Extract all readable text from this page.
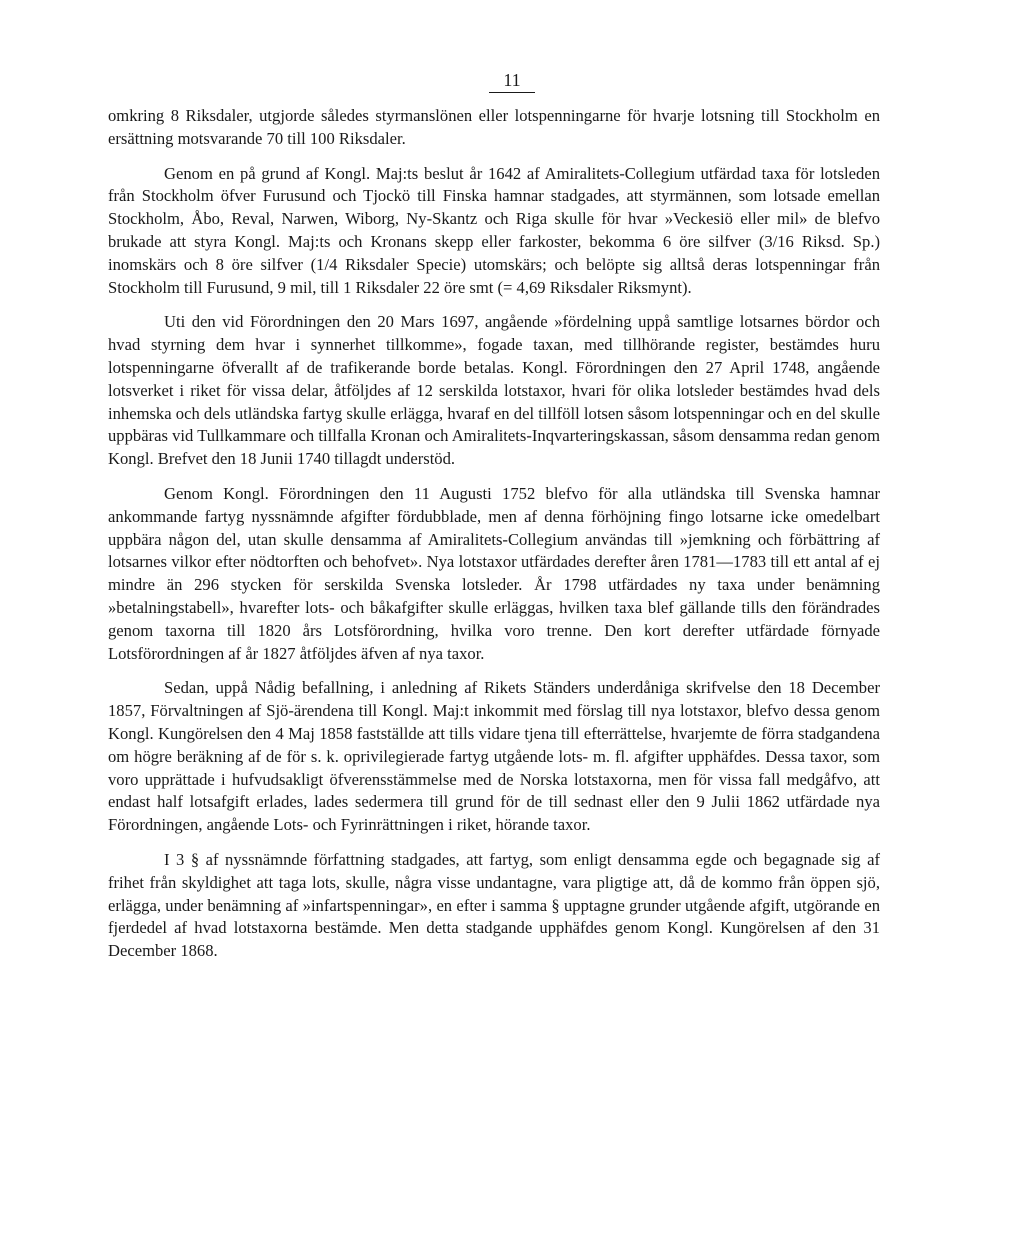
11

omkring 8 Riksdaler, utgjorde således styrmanslönen eller lotspenningarne för hvarje lotsning till Stockholm en ersättning motsvarande 70 till 100 Riksdaler.

Genom en på grund af Kongl. Maj:ts beslut år 1642 af Amiralitets-Collegium utfärdad taxa för lotsleden från Stockholm öfver Furusund och Tjockö till Finska hamnar stadgades, att styrmännen, som lotsade emellan Stockholm, Åbo, Reval, Narwen, Wiborg, Ny-Skantz och Riga skulle för hvar »Veckesiö eller mil» de blefvo brukade att styra Kongl. Maj:ts och Kronans skepp eller farkoster, bekomma 6 öre silfver (3/16 Riksd. Sp.) inomskärs och 8 öre silfver (1/4 Riksdaler Specie) utomskärs; och belöpte sig alltså deras lotspenningar från Stockholm till Furusund, 9 mil, till 1 Riksdaler 22 öre smt (= 4,69 Riksdaler Riksmynt).

Uti den vid Förordningen den 20 Mars 1697, angående »fördelning uppå samtlige lotsarnes bördor och hvad styrning dem hvar i synnerhet tillkomme», fogade taxan, med tillhörande register, bestämdes huru lotspenningarne öfverallt af de trafikerande borde betalas. Kongl. Förordningen den 27 April 1748, angående lotsverket i riket för vissa delar, åtföljdes af 12 serskilda lotstaxor, hvari för olika lotsleder bestämdes hvad dels inhemska och dels utländska fartyg skulle erlägga, hvaraf en del tillföll lotsen såsom lotspenningar och en del skulle uppbäras vid Tullkammare och tillfalla Kronan och Amiralitets-Inqvarteringskassan, såsom densamma redan genom Kongl. Brefvet den 18 Junii 1740 tillagdt understöd.

Genom Kongl. Förordningen den 11 Augusti 1752 blefvo för alla utländska till Svenska hamnar ankommande fartyg nyssnämnde afgifter fördubblade, men af denna förhöjning fingo lotsarne icke omedelbart uppbära någon del, utan skulle densamma af Amiralitets-Collegium användas till »jemkning och förbättring af lotsarnes vilkor efter nödtorften och behofvet». Nya lotstaxor utfärdades derefter åren 1781—1783 till ett antal af ej mindre än 296 stycken för serskilda Svenska lotsleder. År 1798 utfärdades ny taxa under benämning »betalningstabell», hvarefter lots- och båkafgifter skulle erläggas, hvilken taxa blef gällande tills den förändrades genom taxorna till 1820 års Lotsförordning, hvilka voro trenne. Den kort derefter utfärdade förnyade Lotsförordningen af år 1827 åtföljdes äfven af nya taxor.

Sedan, uppå Nådig befallning, i anledning af Rikets Ständers underdåniga skrifvelse den 18 December 1857, Förvaltningen af Sjö-ärendena till Kongl. Maj:t inkommit med förslag till nya lotstaxor, blefvo dessa genom Kongl. Kungörelsen den 4 Maj 1858 fastställde att tills vidare tjena till efterrättelse, hvarjemte de förra stadgandena om högre beräkning af de för s. k. oprivilegierade fartyg utgående lots- m. fl. afgifter upphäfdes. Dessa taxor, som voro upprättade i hufvudsakligt öfverensstämmelse med de Norska lotstaxorna, men för vissa fall medgåfvo, att endast half lotsafgift erlades, lades sedermera till grund för de till sednast eller den 9 Julii 1862 utfärdade nya Förordningen, angående Lots- och Fyrinrättningen i riket, hörande taxor.

I 3 § af nyssnämnde författning stadgades, att fartyg, som enligt densamma egde och begagnade sig af frihet från skyldighet att taga lots, skulle, några visse undantagne, vara pligtige att, då de kommo från öppen sjö, erlägga, under benämning af »infartspenningar», en efter i samma § upptagne grunder utgående afgift, utgörande en fjerdedel af hvad lotstaxorna bestämde. Men detta stadgande upphäfdes genom Kongl. Kungörelsen af den 31 December 1868.
